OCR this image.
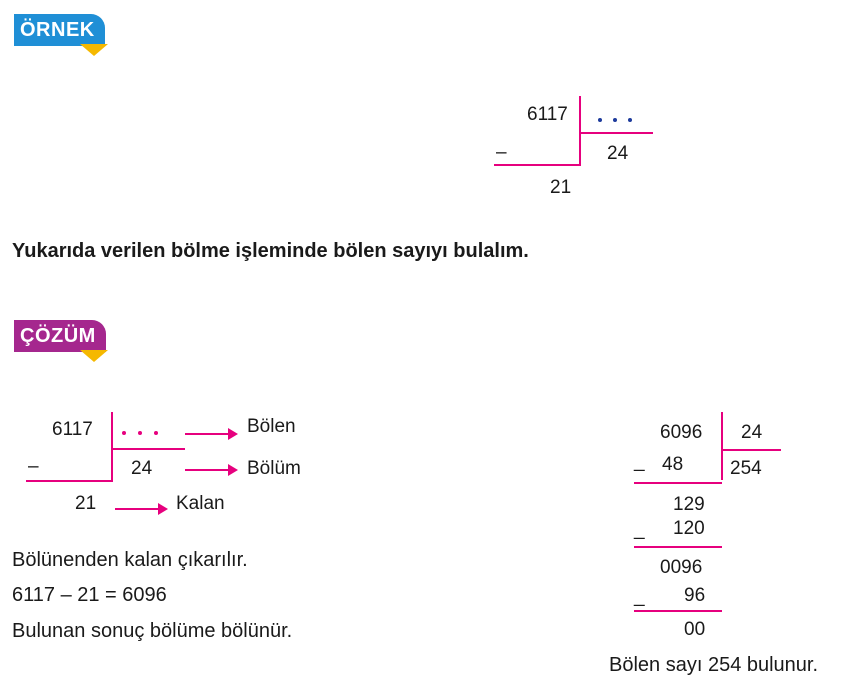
ÖRNEK
6117
24
–
21
Yukarıda verilen bölme işleminde bölen sayıyı bulalım.
ÇÖZÜM
6117
24
–
21
Bölen
Bölüm
Kalan
Bölünenden kalan çıkarılır.
6117 – 21 = 6096
Bulunan sonuç bölüme bölünür.
6096 24
254
_ 48
129
_ 120
0096
_ 96
00
Bölen sayı 254 bulunur.
